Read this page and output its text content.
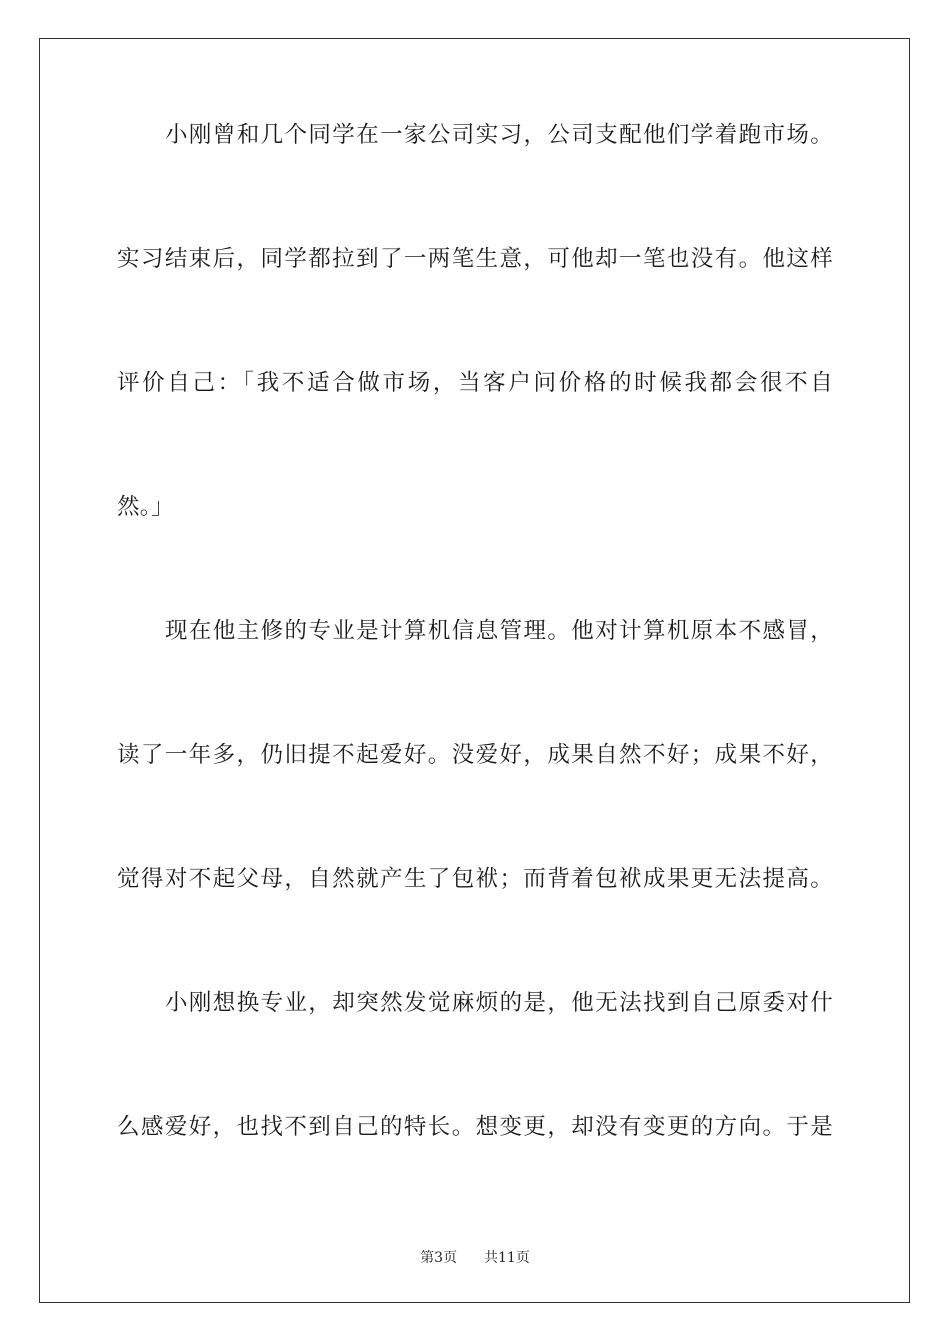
小刚曾和几个同学在一家公司实习，公司支配他们学着跑市场。
实习结束后，同学都拉到了一两笔生意，可他却一笔也没有。他这样
评价自己：「我不适合做市场，当客户问价格的时候我都会很不自
然。」
现在他主修的专业是计算机信息管理。他对计算机原本不感冒，
读了一年多，仍旧提不起爱好。没爱好，成果自然不好；成果不好，
觉得对不起父母，自然就产生了包袱；而背着包袱成果更无法提高。
小刚想换专业，却突然发觉麻烦的是，他无法找到自己原委对什
么感爱好，也找不到自己的特长。想变更，却没有变更的方向。于是
第3页 共11页
